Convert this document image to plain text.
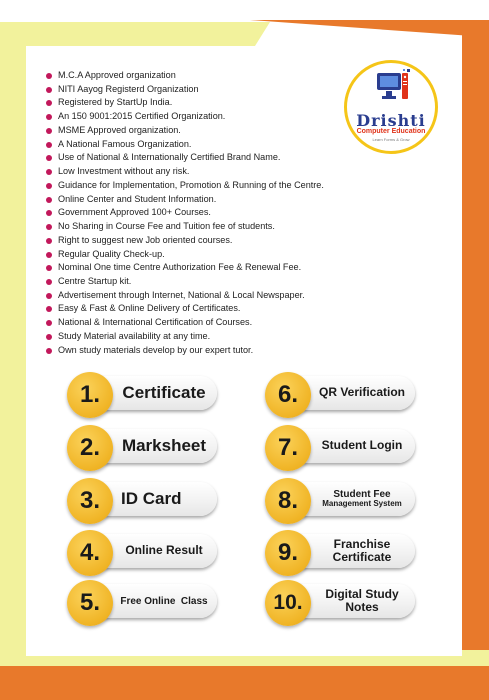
Drishti
Computer Education
Learn Forms & Grow
M.C.A Approved organization
NITI Aayog Registerd Organization
Registered by StartUp India.
An 150 9001:2015 Certified Organization.
MSME Approved organization.
A National Famous Organization.
Use of National & Internationally Certified Brand Name.
Low Investment without any risk.
Guidance for Implementation, Promotion & Running of the Centre.
Online Center and Student Information.
Government Approved 100+ Courses.
No Sharing in Course Fee and Tuition fee of students.
Right to suggest new Job oriented courses.
Regular Quality Check-up.
Nominal One time Centre Authorization Fee & Renewal Fee.
Centre Startup kit.
Advertisement through Internet, National & Local Newspaper.
Easy & Fast & Online Delivery of Certificates.
National & International Certification of Courses.
Study Material availability at any time.
Own study materials develop by our expert tutor.
1.	Certificate
2.	Marksheet
3.	ID Card
4.	Online Result
5.	Free Online  Class
6.	QR Verification
7.	Student Login
8.	Student Fee
Management System
9.	Franchise
Certificate
10.	Digital Study
Notes
